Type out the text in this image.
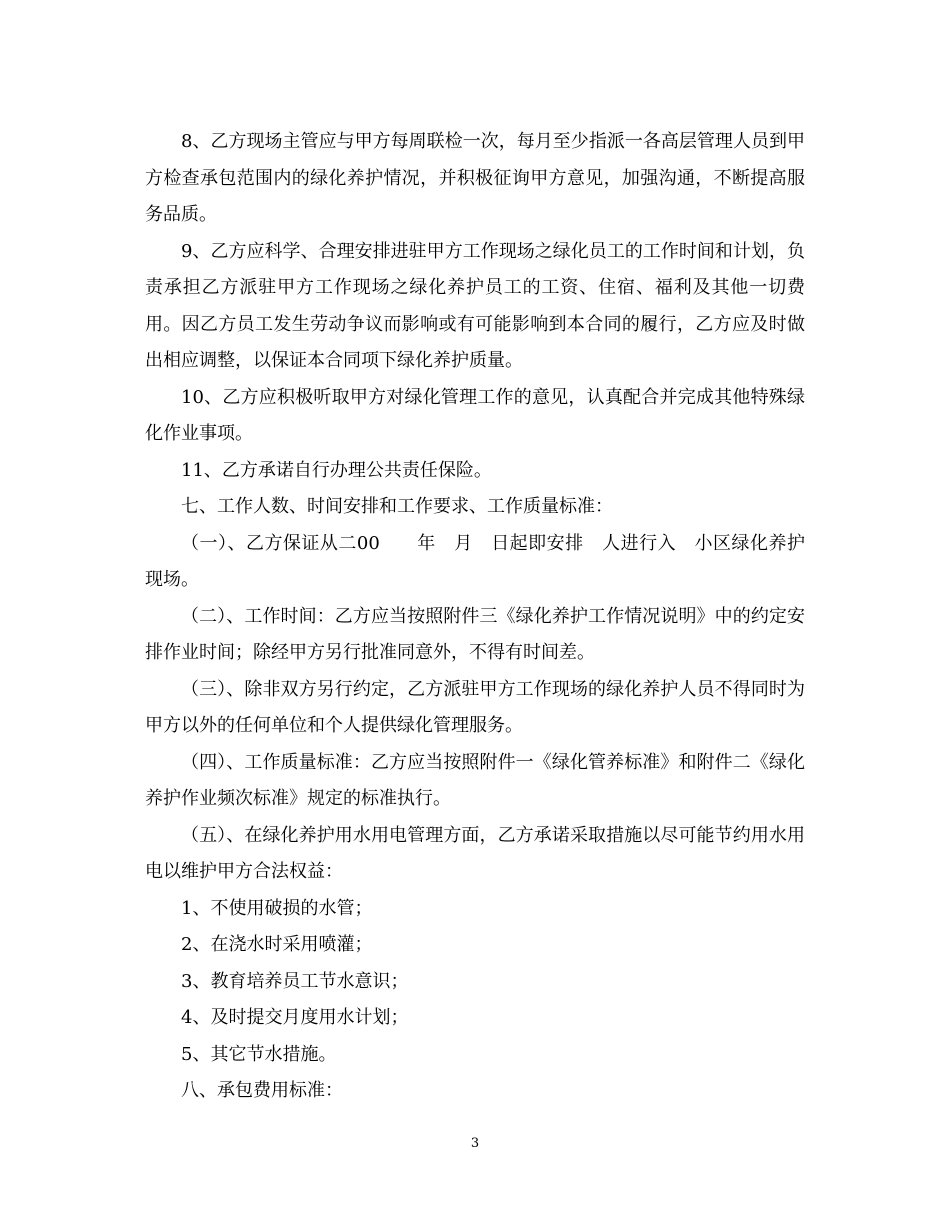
8、乙方现场主管应与甲方每周联检一次，每月至少指派一各高层管理人员到甲方检查承包范围内的绿化养护情况，并积极征询甲方意见，加强沟通，不断提高服务品质。

9、乙方应科学、合理安排进驻甲方工作现场之绿化员工的工作时间和计划，负责承担乙方派驻甲方工作现场之绿化养护员工的工资、住宿、福利及其他一切费用。因乙方员工发生劳动争议而影响或有可能影响到本合同的履行，乙方应及时做出相应调整，以保证本合同项下绿化养护质量。

10、乙方应积极听取甲方对绿化管理工作的意见，认真配合并完成其他特殊绿化作业事项。

11、乙方承诺自行办理公共责任保险。

七、工作人数、时间安排和工作要求、工作质量标准：

（一）、乙方保证从二00　　年　月　日起即安排　人进行入　小区绿化养护现场。

（二）、工作时间：乙方应当按照附件三《绿化养护工作情况说明》中的约定安排作业时间；除经甲方另行批准同意外，不得有时间差。

（三）、除非双方另行约定，乙方派驻甲方工作现场的绿化养护人员不得同时为甲方以外的任何单位和个人提供绿化管理服务。

（四）、工作质量标准：乙方应当按照附件一《绿化管养标准》和附件二《绿化养护作业频次标准》规定的标准执行。

（五）、在绿化养护用水用电管理方面，乙方承诺采取措施以尽可能节约用水用电以维护甲方合法权益：

1、不使用破损的水管；

2、在浇水时采用喷灌；

3、教育培养员工节水意识；

4、及时提交月度用水计划；

5、其它节水措施。

八、承包费用标准：

3
